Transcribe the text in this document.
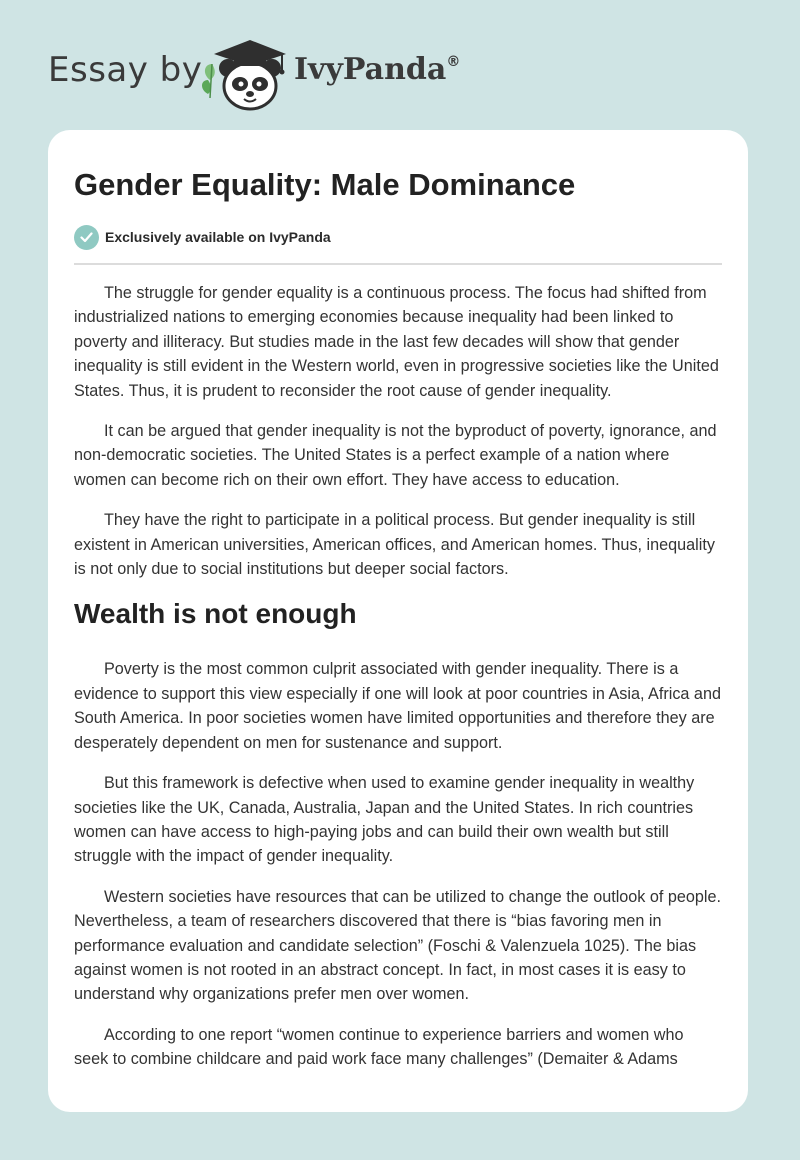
Essay by	IvyPanda®
Gender Equality: Male Dominance
Exclusively available on IvyPanda

The struggle for gender equality is a continuous process. The focus had shifted from industrialized nations to emerging economies because inequality had been linked to poverty and illiteracy. But studies made in the last few decades will show that gender inequality is still evident in the Western world, even in progressive societies like the United States. Thus, it is prudent to reconsider the root cause of gender inequality.

It can be argued that gender inequality is not the byproduct of poverty, ignorance, and non-democratic societies. The United States is a perfect example of a nation where women can become rich on their own effort. They have access to education.

They have the right to participate in a political process. But gender inequality is still existent in American universities, American offices, and American homes. Thus, inequality is not only due to social institutions but deeper social factors.

Wealth is not enough

Poverty is the most common culprit associated with gender inequality. There is a evidence to support this view especially if one will look at poor countries in Asia, Africa and South America. In poor societies women have limited opportunities and therefore they are desperately dependent on men for sustenance and support.

But this framework is defective when used to examine gender inequality in wealthy societies like the UK, Canada, Australia, Japan and the United States. In rich countries women can have access to high-paying jobs and can build their own wealth but still struggle with the impact of gender inequality.

Western societies have resources that can be utilized to change the outlook of people. Nevertheless, a team of researchers discovered that there is “bias favoring men in performance evaluation and candidate selection” (Foschi & Valenzuela 1025). The bias against women is not rooted in an abstract concept. In fact, in most cases it is easy to understand why organizations prefer men over women.

According to one report “women continue to experience barriers and women who seek to combine childcare and paid work face many challenges” (Demaiter & Adams
